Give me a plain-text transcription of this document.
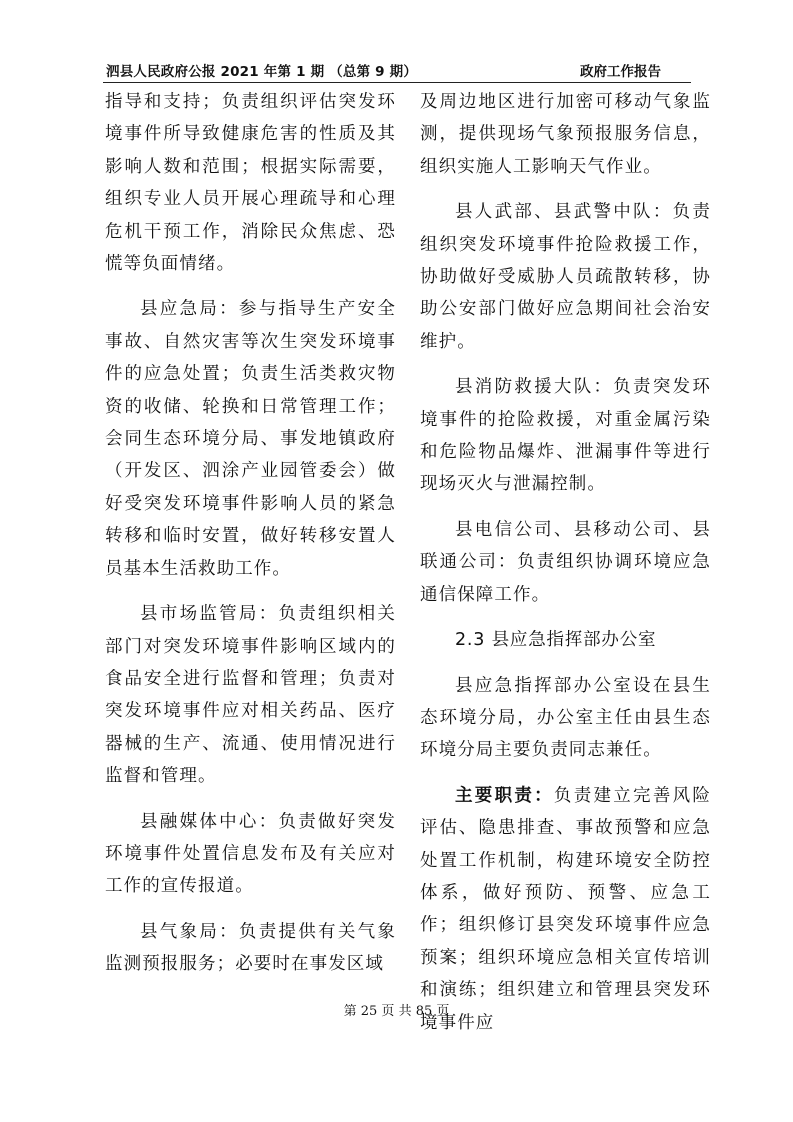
泗县人民政府公报 2021 年第 1 期 （总第 9 期）	政府工作报告

指导和支持；负责组织评估突发环境事件所导致健康危害的性质及其影响人数和范围；根据实际需要，组织专业人员开展心理疏导和心理危机干预工作，消除民众焦虑、恐慌等负面情绪。

县应急局：参与指导生产安全事故、自然灾害等次生突发环境事件的应急处置；负责生活类救灾物资的收储、轮换和日常管理工作；会同生态环境分局、事发地镇政府（开发区、泗涂产业园管委会）做好受突发环境事件影响人员的紧急转移和临时安置，做好转移安置人员基本生活救助工作。

县市场监管局：负责组织相关部门对突发环境事件影响区域内的食品安全进行监督和管理；负责对突发环境事件应对相关药品、医疗器械的生产、流通、使用情况进行监督和管理。

县融媒体中心：负责做好突发环境事件处置信息发布及有关应对工作的宣传报道。

县气象局：负责提供有关气象监测预报服务；必要时在事发区域

及周边地区进行加密可移动气象监测，提供现场气象预报服务信息，组织实施人工影响天气作业。

县人武部、县武警中队：负责组织突发环境事件抢险救援工作，协助做好受威胁人员疏散转移，协助公安部门做好应急期间社会治安维护。

县消防救援大队：负责突发环境事件的抢险救援，对重金属污染和危险物品爆炸、泄漏事件等进行现场灭火与泄漏控制。

县电信公司、县移动公司、县联通公司：负责组织协调环境应急通信保障工作。

2.3 县应急指挥部办公室

县应急指挥部办公室设在县生态环境分局，办公室主任由县生态环境分局主要负责同志兼任。

主要职责：负责建立完善风险评估、隐患排查、事故预警和应急处置工作机制，构建环境安全防控体系，做好预防、预警、应急工作；组织修订县突发环境事件应急预案；组织环境应急相关宣传培训和演练；组织建立和管理县突发环境事件应

第 25 页 共 85 页
